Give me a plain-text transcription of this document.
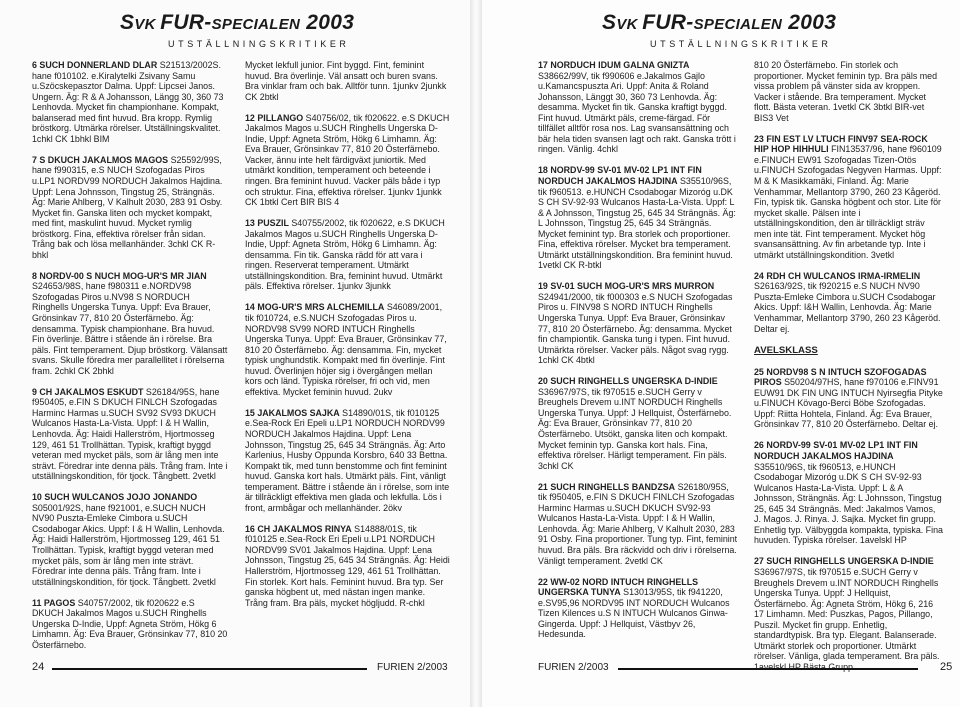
SVK FUR-SPECIALEN 2003
UTSTÄLLNINGSKRITIKER

6 SUCH DONNERLAND DLAR S21513/2002S. hane f010102. e.Kiralytelki Zsivany Samu u.Szöcskepasztor Dalma. Uppf: Lipcsei Janos. Ungern. Äg: R & A Johansson, Längg 30, 360 73 Lenhovda. Mycket fin championhane. Kompakt, balanserad med fint huvud. Bra kropp. Rymlig bröstkorg. Utmärka rörelser. Utställningskvalitet. 1chkl CK 1bhkl BIM

7 S DKUCH JAKALMOS MAGOS S25592/99S, hane f990315, e.S NUCH Szofogadas Piros u.LP1 NORDV99 NORDUCH Jakalmos Hajdina. Uppf: Lena Johnsson, Tingstug 25, Strängnäs. Äg: Marie Ahlberg, V Kalhult 2030, 283 91 Osby. Mycket fin. Ganska liten och mycket kompakt, med fint, maskulint huvud. Mycket rymlig bröstkorg. Fina, effektiva rörelser från sidan. Trång bak och lösa mellanhänder. 3chkl CK R-bhkl

8 NORDV-00 S NUCH MOG-UR'S MR JIAN S24653/98S, hane f980311 e.NORDV98 Szofogadas Piros u.NV98 S NORDUCH Ringhells Ungerska Tunya. Uppf: Eva Brauer, Grönsinkav 77, 810 20 Österfärnebo. Äg: densamma. Typisk championhane. Bra huvud. Fin överlinje. Bättre i stående än i rörelse. Bra päls. Fint temperament. Djup bröstkorg. Välansatt svans. Skulle föredra mer parallellitet i rörelserna fram. 2chkl CK 2bhkl

9 CH JAKALMOS ESKUDT S26184/95S, hane f950405, e.FIN S DKUCH FINLCH Szofogadas Harminc Harmas u.SUCH SV92 SV93 DKUCH Wulcanos Hasta-La-Vista. Uppf: I & H Wallin, Lenhovda. Äg: Haidi Hallerström, Hjortmosseg 129, 461 51 Trollhättan. Typisk, kraftigt byggd veteran med mycket päls, som är lång men inte strävt. Föredrar inte denna päls. Trång fram. Inte i utställningskondition, för tjock. Tångbett. 2vetkl

10 SUCH WULCANOS JOJO JONANDO S05001/92S, hane f921001, e.SUCH NUCH NV90 Puszta-Emleke Cimbora u.SUCH Csodabogar Akics. Uppf: I & H Wallin, Lenhovda. Äg: Haidi Hallerström, Hjortmosseg 129, 461 51 Trollhättan. Typisk, kraftigt byggd veteran med mycket päls, som är lång men inte strävt. Föredrar inte denna päls. Trång fram. Inte i utställningskondition, för tjock. Tångbett. 2vetkl

11 PAGOS S40757/2002, tik f020622 e.S DKUCH Jakalmos Magos u.SUCH Ringhells Ungerska D-Indie, Uppf: Agneta Ström, Hökg 6 Limhamn. Äg: Eva Brauer, Grönsinkav 77, 810 20 Österfärnebo.

Mycket lekfull junior. Fint byggd. Fint, feminint huvud. Bra överlinje. Väl ansatt och buren svans. Bra vinklar fram och bak. Alltför tunn. 1junkv 2junkk CK 2btkl

12 PILLANGO S40756/02, tik f020622. e.S DKUCH Jakalmos Magos u.SUCH Ringhells Ungerska D-Indie, Uppf: Agneta Ström, Hökg 6 Limhamn. Äg: Eva Brauer, Grönsinkav 77, 810 20 Österfärnebo. Vacker, ännu inte helt färdigväxt juniortik. Med utmärkt kondition, temperament och beteende i ringen. Bra feminint huvud. Vacker päls både i typ och struktur. Fina, effektiva rörelser. 1junkv 1junkk CK 1btkl Cert BIR BIS 4

13 PUSZIL S40755/2002, tik f020622, e.S DKUCH Jakalmos Magos u.SUCH Ringhells Ungerska D-Indie, Uppf: Agneta Ström, Hökg 6 Limhamn. Äg: densamma. Fin tik. Ganska rädd för att vara i ringen. Reserverat temperament. Utmärkt utställningskondition. Bra, feminint huvud. Utmärkt päls. Effektiva rörelser. 1junkv 3junkk

14 MOG-UR'S MRS ALCHEMILLA S46089/2001, tik f010724, e.S.NUCH Szofogadas Piros u. NORDV98 SV99 NORD INTUCH Ringhells Ungerska Tunya. Uppf: Eva Brauer, Grönsinkav 77, 810 20 Österfärnebo. Äg: densamma. Fin, mycket typisk unghundstik. Kompakt med fin överlinje. Fint huvud. Överlinjen höjer sig i övergången mellan kors och länd. Typiska rörelser, fri och vid, men effektiva. Mycket feminin huvud. 2ukv

15 JAKALMOS SAJKA S14890/01S, tik f010125 e.Sea-Rock Eri Epeli u.LP1 NORDUCH NORDV99 NORDUCH Jakalmos Hajdina. Uppf: Lena Johnsson, Tingstug 25, 645 34 Strängnäs. Äg: Arto Karlenius, Husby Oppunda Korsbro, 640 33 Bettna. Kompakt tik, med tunn benstomme och fint feminint huvud. Ganska kort hals. Utmärkt päls. Fint, vänligt temperament. Bättre i stående än i rörelse, som inte är tillräckligt effektiva men glada och lekfulla. Lös i front, armbågar och mellanhänder. 2ökv

16 CH JAKALMOS RINYA S14888/01S, tik f010125 e.Sea-Rock Eri Epeli u.LP1 NORDUCH NORDV99 SV01 Jakalmos Hajdina. Uppf: Lena Johnsson, Tingstug 25, 645 34 Strängnäs. Äg: Heidi Hallerström, Hjortmosseg 129, 461 51 Trollhättan. Fin storlek. Kort hals. Feminint huvud. Bra typ. Ser ganska högbent ut, med nästan ingen manke. Trång fram. Bra päls, mycket högljudd. R-chkl

24	FURIEN 2/2003
SVK FUR-SPECIALEN 2003
UTSTÄLLNINGSKRITIKER

17 NORDUCH IDUM GALNA GNIZTA S38662/99V, tik f990606 e.Jakalmos Gajlo u.Kamancspuszta Ari. Uppf: Anita & Roland Johansson, Länggt 30, 360 73 Lenhovda. Äg: desamma. Mycket fin tik. Ganska kraftigt byggd. Fint huvud. Utmärkt päls, creme-färgad. För tillfället alltför rosa nos. Lag svansansättning och bär hela tiden svansen lagt och rakt. Ganska trött i ringen. Vänlig. 4chkl

18 NORDV-99 SV-01 MV-02 LP1 INT FIN NORDUCH JAKALMOS HAJDINA S35510/96S, tik f960513. e.HUNCH Csodabogar Mizoróg u.DK S CH SV-92-93 Wulcanos Hasta-La-Vista. Uppf: L & A Johnsson, Tingstug 25, 645 34 Strängnäs. Äg: L Johnsson, Tingstug 25, 645 34 Strängnäs. Mycket feminint typ. Bra storlek och proportioner. Fina, effektiva rörelser. Mycket bra temperament. Utmärkt utställningskondition. Bra feminint huvud. 1vetkl CK R-btkl

19 SV-01 SUCH MOG-UR'S MRS MURRON S24941/2000, tik f000303 e.S NUCH Szofogadas Piros u. FINV98 S NORD INTUCH Ringhells Ungerska Tunya. Uppf: Eva Brauer, Grönsinkav 77, 810 20 Österfärnebo. Äg: densamma. Mycket fin championtik. Ganska tung i typen. Fint huvud. Utmärkta rörelser. Vacker päls. Något svag rygg. 1chkl CK 4btkl

20 SUCH RINGHELLS UNGERSKA D-INDIE S36967/97S, tik f970515 e.SUCH Gerry v Breughels Drevem u.INT NORDUCH Ringhells Ungerska Tunya. Uppf: J Hellquist, Österfärnebo. Äg: Eva Brauer, Grönsinkav 77, 810 20 Österfärnebo. Utsökt, ganska liten och kompakt. Mycket feminin typ. Ganska kort hals. Fina, effektiva rörelser. Härligt temperament. Fin päls. 3chkl CK

21 SUCH RINGHELLS BANDZSA S26180/95S, tik f950405, e.FIN S DKUCH FINLCH Szofogadas Harminc Harmas u.SUCH DKUCH SV92-93 Wulcanos Hasta-La-Vista. Uppf: I & H Wallin, Lenhovda. Äg: Marie Ahlberg, V Kalhult 2030, 283 91 Osby. Fina proportioner. Tung typ. Fint, feminint huvud. Bra päls. Bra räckvidd och driv i rörelserna. Vänligt temperament. 2vetkl CK

22 WW-02 NORD INTUCH RINGHELLS UNGERSKA TUNYA S13013/95S, tik f941220, e.SV95,96 NORDV95 INT NORDUCH Wulcanos Tizen Kilences u.S N INTUCH Wulcanos Ginwa-Gingerda. Uppf: J Hellquist, Västbyv 26, Hedesunda.

810 20 Österfärnebo. Fin storlek och proportioner. Mycket feminin typ. Bra päls med vissa problem på vänster sida av kroppen. Vacker i stående. Bra temperament. Mycket flott. Bästa veteran. 1vetkl CK 3btkl BIR-vet BIS3 Vet

23 FIN EST LV LTUCH FINV97 SEA-ROCK HIP HOP HIHHULI FIN13537/96, hane f960109 e.FINUCH EW91 Szofogadas Tizen-Otös u.FINUCH Szofogadas Negyven Harmas. Uppf: M & K Masikkamäki, Finland. Äg: Marie Venhammar, Mellantorp 3790, 260 23 Kågeröd. Fin, typisk tik. Ganska högbent och stor. Lite för mycket skalle. Pälsen inte i utställningskondition, den är tillräckligt sträv men inte tät. Fint temperament. Mycket hög svansansättning. Av fin arbetande typ. Inte i utmärkt utställningskondition. 3vetkl

24 RDH CH WULCANOS IRMA-IRMELIN S26163/92S, tik f920215 e.S NUCH NV90 Puszta-Emleke Cimbora u.SUCH Csodabogar Akics. Uppf: I&H Wallin, Lenhovda. Äg: Marie Venhammar, Mellantorp 3790, 260 23 Kågeröd. Deltar ej.

AVELSKLASS

25 NORDV98 S N INTUCH SZOFOGADAS PIROS S50204/97HS, hane f970106 e.FINV91 EUW91 DK FIN UNG INTUCH Nyirsegfia Pityke u.FINUCH Kövago-Berci Böbe Szofogadas. Uppf: Riitta Hohtela, Finland. Äg: Eva Brauer, Grönsinkav 77, 810 20 Österfärnebo. Deltar ej.

26 NORDV-99 SV-01 MV-02 LP1 INT FIN NORDUCH JAKALMOS HAJDINA S35510/96S, tik f960513, e.HUNCH Csodabogar Mizoróg u.DK S CH SV-92-93 Wulcanos Hasta-La-Vista. Uppf: L & A Johnsson, Strängnäs. Äg: L Johnsson, Tingstug 25, 645 34 Strängnäs. Med: Jakalmos Vamos, J. Magos. J. Rinya. J. Sajka. Mycket fin grupp. Enhetlig typ. Välbyggda kompakta, typiska. Fina huvuden. Typiska rörelser. 1avelskl HP

27 SUCH RINGHELLS UNGERSKA D-INDIE S36967/97S, tik f970515 e.SUCH Gerry v Breughels Drevem u.INT NORDUCH Ringhells Ungerska Tunya. Uppf: J Hellquist, Österfärnebo. Äg: Agneta Ström, Hökg 6, 216 17 Limhamn. Med: Puszkas, Pagos, Pillango, Puszil. Mycket fin grupp. Enhetlig, standardtypisk. Bra typ. Elegant. Balanserade. Utmärkt storlek och proportioner. Utmärkt rörelser. Vänliga, glada temperament. Bra päls. 1avelskl HP Bästa Grupp

FURIEN 2/2003	25
